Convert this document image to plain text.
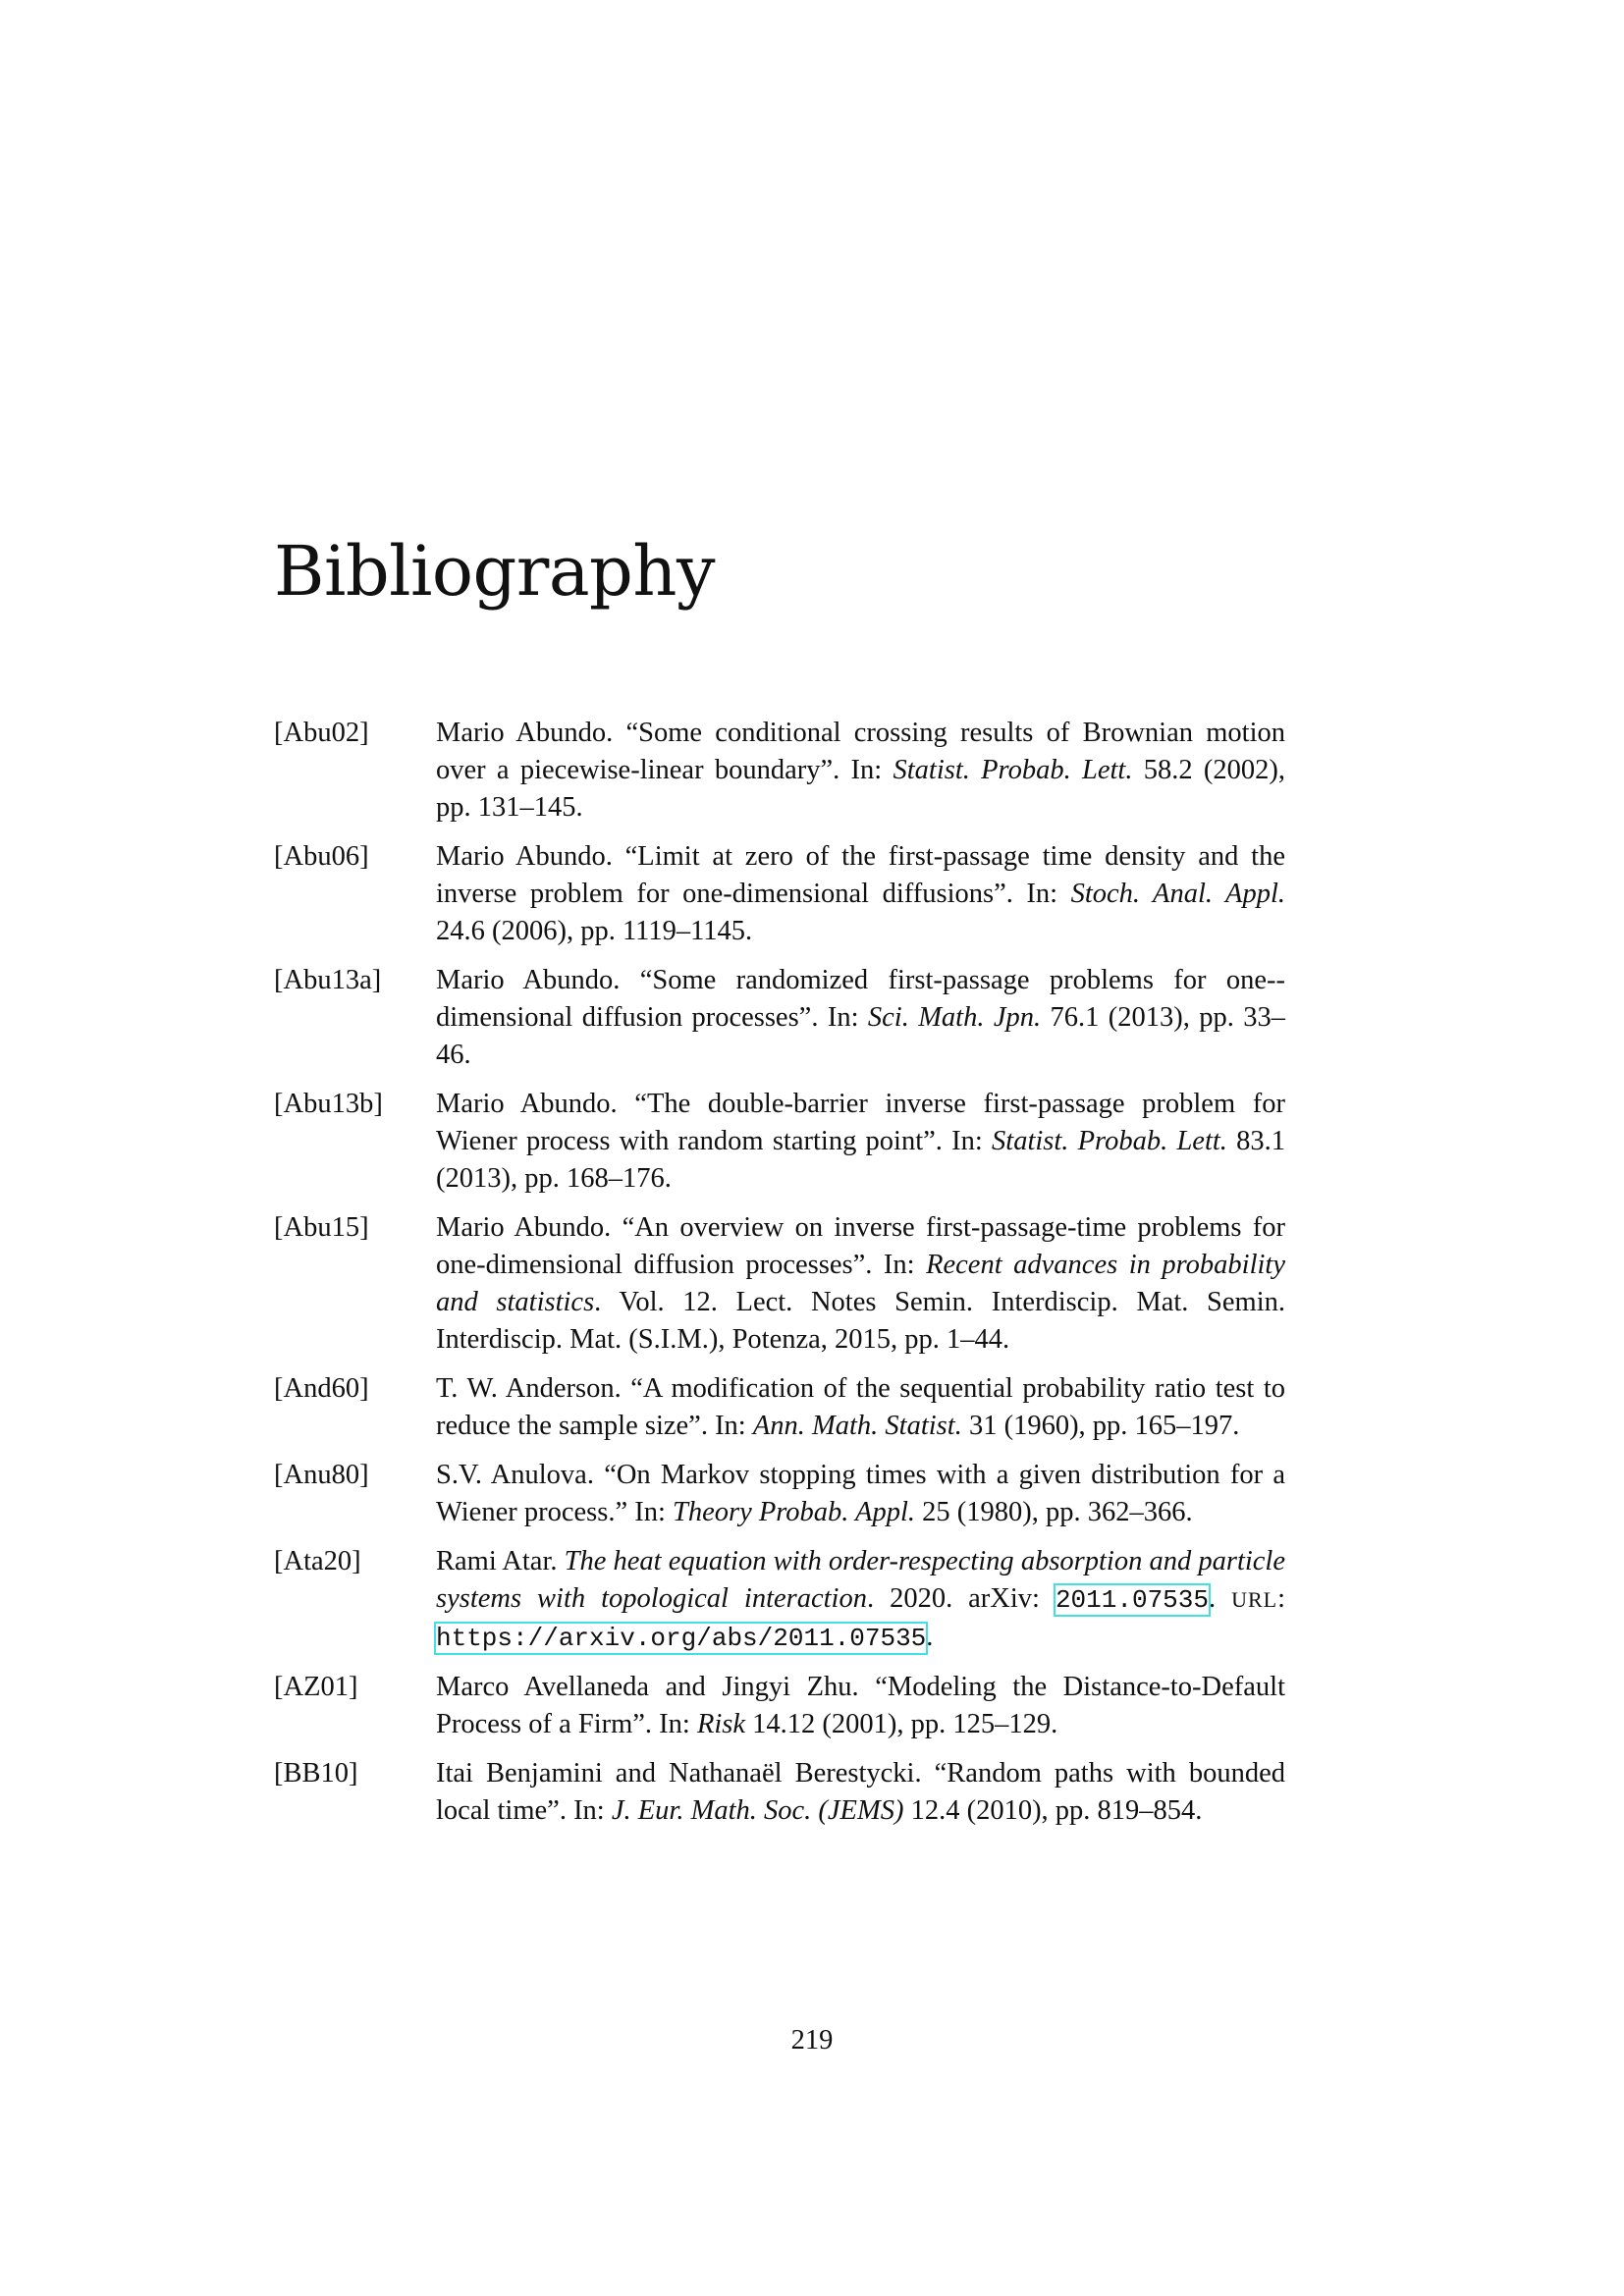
Bibliography
[Abu02]	Mario Abundo. “Some conditional crossing results of Brownian motion over a piecewise-linear boundary”. In: Statist. Probab. Lett. 58.2 (2002), pp. 131–145.
[Abu06]	Mario Abundo. “Limit at zero of the first-passage time density and the inverse problem for one-dimensional diffusions”. In: Stoch. Anal. Appl. 24.6 (2006), pp. 1119–1145.
[Abu13a]	Mario Abundo. “Some randomized first-passage problems for one-dimensional diffusion processes”. In: Sci. Math. Jpn. 76.1 (2013), pp. 33–46.
[Abu13b]	Mario Abundo. “The double-barrier inverse first-passage problem for Wiener process with random starting point”. In: Statist. Probab. Lett. 83.1 (2013), pp. 168–176.
[Abu15]	Mario Abundo. “An overview on inverse first-passage-time problems for one-dimensional diffusion processes”. In: Recent advances in probability and statistics. Vol. 12. Lect. Notes Semin. Interdiscip. Mat. Semin. Interdiscip. Mat. (S.I.M.), Potenza, 2015, pp. 1–44.
[And60]	T. W. Anderson. “A modification of the sequential probability ratio test to reduce the sample size”. In: Ann. Math. Statist. 31 (1960), pp. 165–197.
[Anu80]	S.V. Anulova. “On Markov stopping times with a given distribution for a Wiener process.” In: Theory Probab. Appl. 25 (1980), pp. 362–366.
[Ata20]	Rami Atar. The heat equation with order-respecting absorption and particle systems with topological interaction. 2020. arXiv: 2011.07535. URL: https://arxiv.org/abs/2011.07535.
[AZ01]	Marco Avellaneda and Jingyi Zhu. “Modeling the Distance-to-Default Process of a Firm”. In: Risk 14.12 (2001), pp. 125–129.
[BB10]	Itai Benjamini and Nathanaël Berestycki. “Random paths with bounded local time”. In: J. Eur. Math. Soc. (JEMS) 12.4 (2010), pp. 819–854.
219
